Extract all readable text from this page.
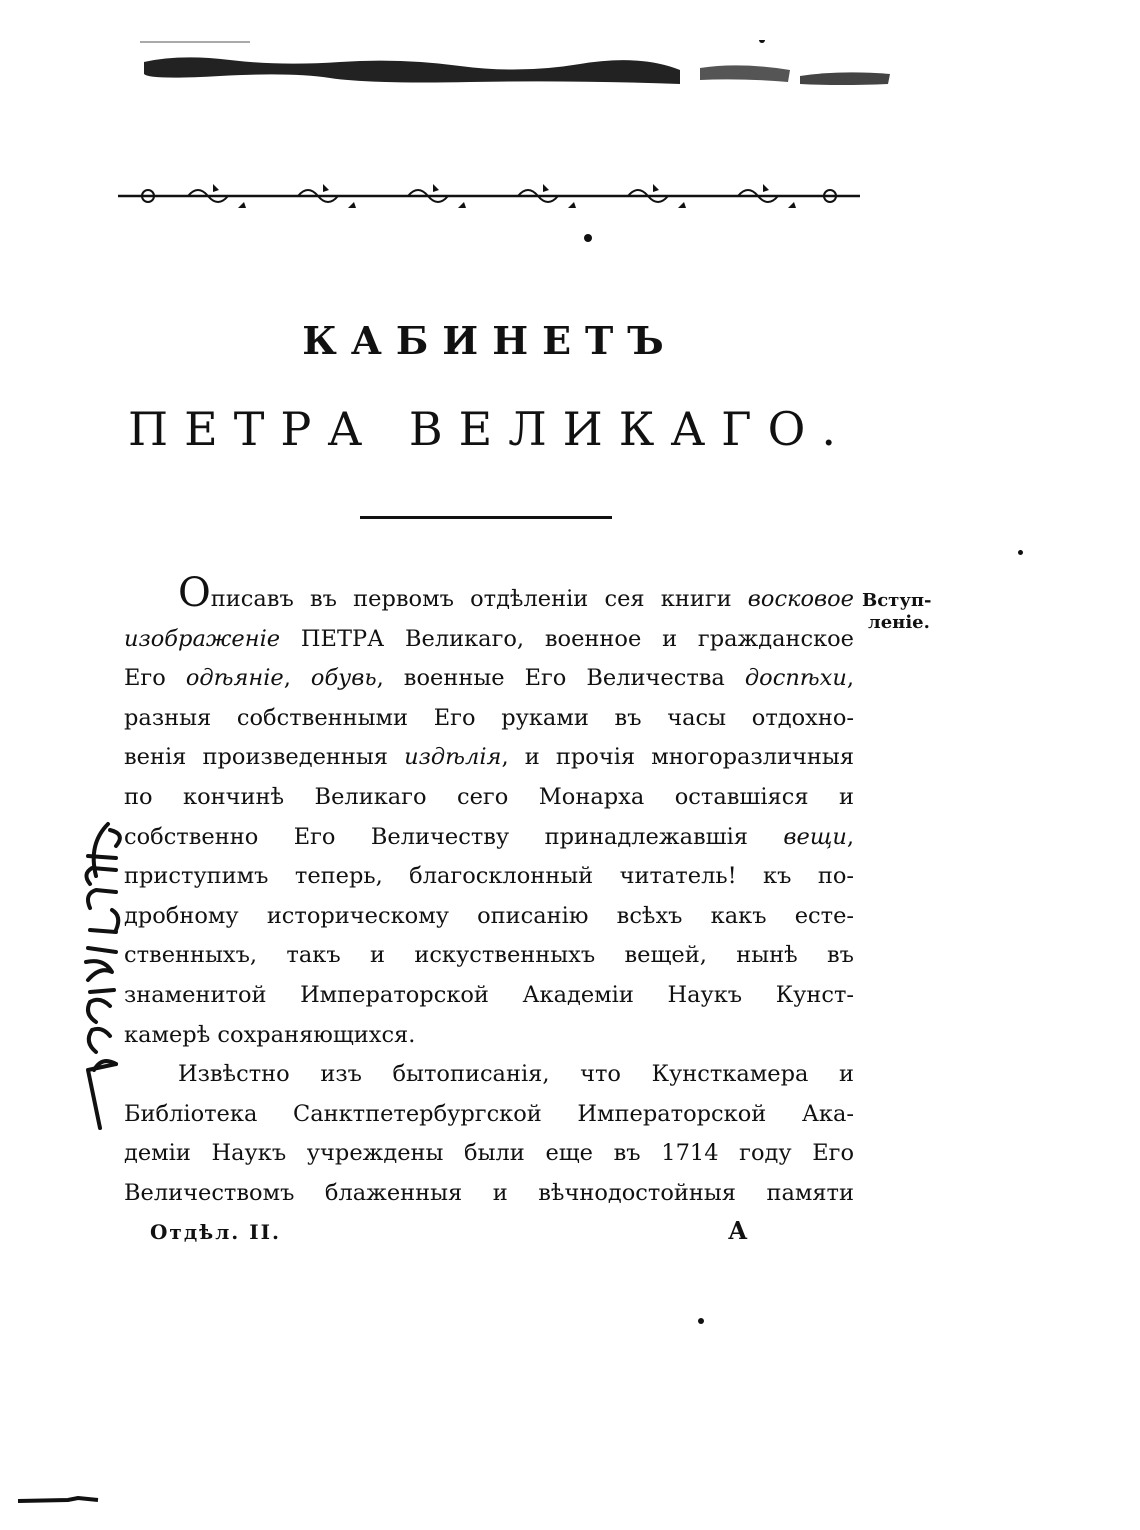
КАБИНЕТЪ
ПЕТРА ВЕЛИКАГО.
Вступ-
леніе.
Описавъ въ первомъ отдѣленіи сея книги восковое
изображеніе ПЕТРА Великаго, военное и гражданское
Его одѣяніе, обувь, военные Его Величества доспѣхи,
разныя собственными Его руками въ часы отдохно-
венія произведенныя издѣлія, и прочія многоразличныя
по кончинѣ Великаго сего Монарха оставшіяся и
собственно Его Величеству принадлежавшія вещи,
приступимъ теперь, благосклонный читатель! къ по-
дробному историческому описанію всѣхъ какъ есте-
ственныхъ, такъ и искуственныхъ вещей, нынѣ въ
знаменитой Императорской Академіи Наукъ Кунст-
камерѣ сохраняющихся.
Извѣстно изъ бытописанія, что Кунсткамера и
Библіотека Санктпетербургской Императорской Ака-
деміи Наукъ учреждены были еще въ 1714 году Его
Величествомъ блаженныя и вѣчнодостойныя памяти
Отдѣл. II.	А
